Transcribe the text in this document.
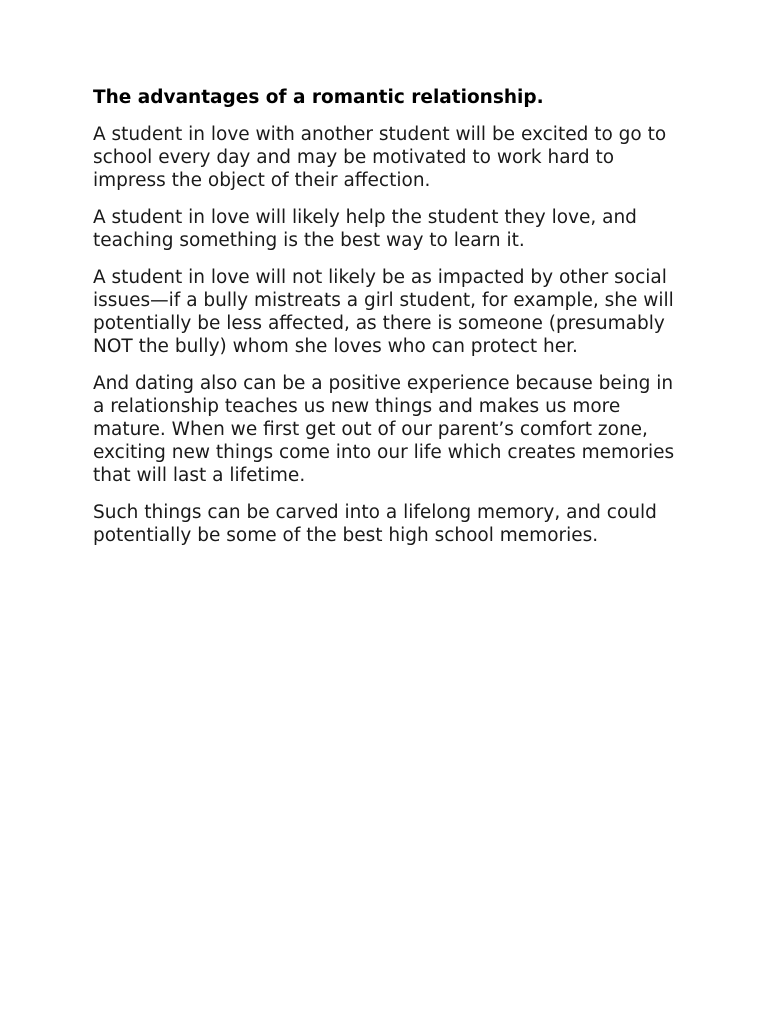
The advantages of a romantic relationship.

A student in love with another student will be excited to go to school every day and may be motivated to work hard to impress the object of their affection.

A student in love will likely help the student they love, and teaching something is the best way to learn it.

A student in love will not likely be as impacted by other social issues—if a bully mistreats a girl student, for example, she will potentially be less affected, as there is someone (presumably NOT the bully) whom she loves who can protect her.

And dating also can be a positive experience because being in a relationship teaches us new things and makes us more mature. When we first get out of our parent’s comfort zone, exciting new things come into our life which creates memories that will last a lifetime.

Such things can be carved into a lifelong memory, and could potentially be some of the best high school memories.
